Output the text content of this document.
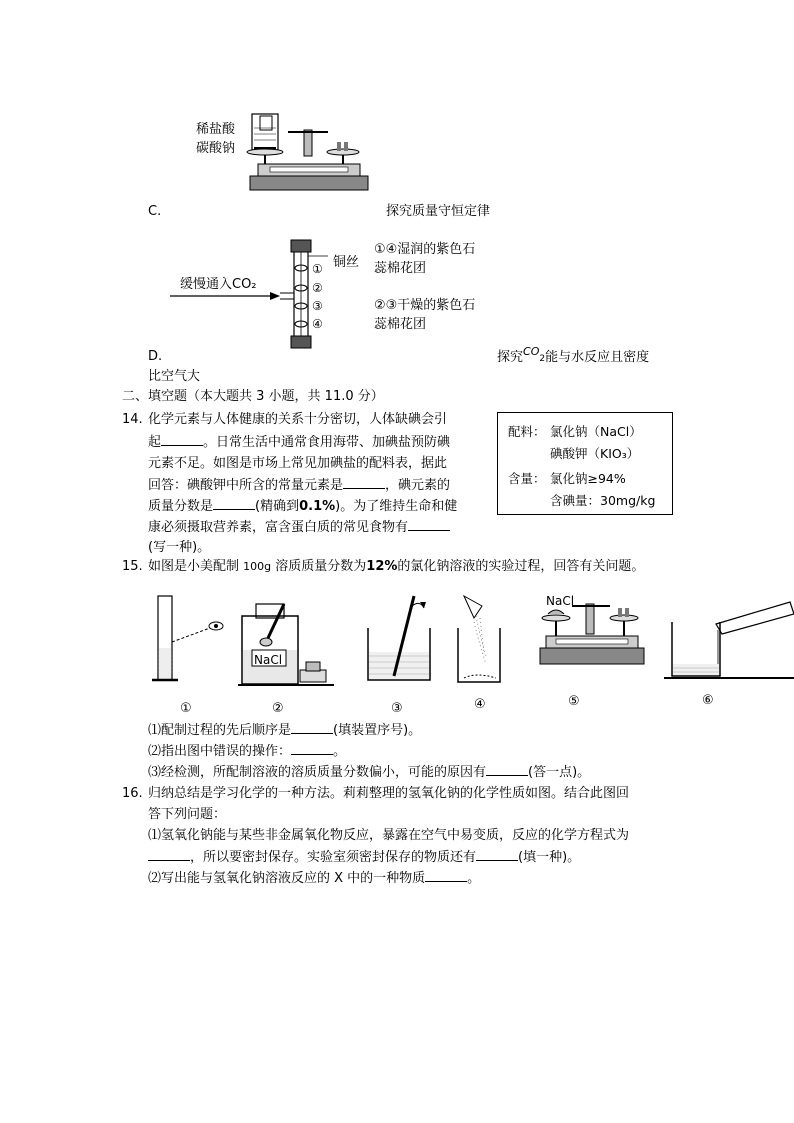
稀盐酸
碳酸钠
C.	探究质量守恒定律
缓慢通入CO₂
①
②
③
④
铜丝
①④湿润的紫色石
蕊棉花团
②③干燥的紫色石
蕊棉花团
D.	探究$^{CO}$2能与水反应且密度
比空气大
二、填空题（本大题共 3 小题，共 11.0 分）
14. 化学元素与人体健康的关系十分密切，人体缺碘会引
起	。日常生活中通常食用海带、加碘盐预防碘
元素不足。如图是市场上常见加碘盐的配料表，据此
回答：碘酸钾中所含的常量元素是	，碘元素的
质量分数是	(精确到0.1%)。为了维持生命和健
康必须摄取营养素，富含蛋白质的常见食物有
(写一种)。
配料： 氯化钠（NaCl）
碘酸钾（KIO₃）
含量： 氯化钠≥94%
含碘量：30mg/kg
15. 如图是小美配制 100g 溶质质量分数为12%的氯化钠溶液的实验过程，回答有关问题。
NaCl
NaCl
①	②	③	④	⑤	⑥
⑴配制过程的先后顺序是	(填装置序号)。
⑵指出图中错误的操作：	。
⑶经检测，所配制溶液的溶质质量分数偏小，可能的原因有	(答一点)。
16. 归纳总结是学习化学的一种方法。莉莉整理的氢氧化钠的化学性质如图。结合此图回
答下列问题：
⑴氢氧化钠能与某些非金属氧化物反应，暴露在空气中易变质，反应的化学方程式为
，所以要密封保存。实验室须密封保存的物质还有	(填一种)。
⑵写出能与氢氧化钠溶液反应的 X 中的一种物质	。
